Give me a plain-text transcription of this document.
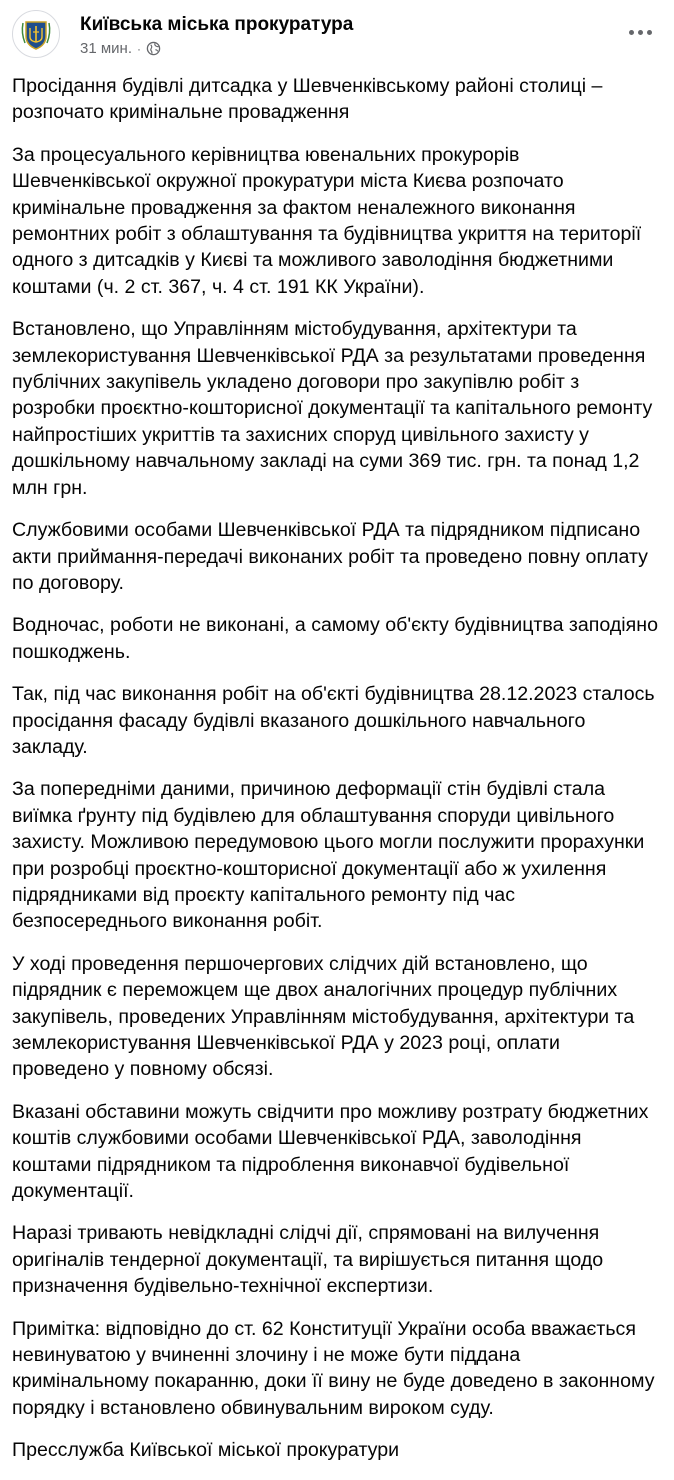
Київська міська прокуратура
31 мин. ·

Просідання будівлі дитсадка у Шевченківському районі столиці – розпочато кримінальне провадження

За процесуального керівництва ювенальних прокурорів Шевченківської окружної прокуратури міста Києва розпочато кримінальне провадження за фактом неналежного виконання ремонтних робіт з облаштування та будівництва укриття на території одного з дитсадків у Києві та можливого заволодіння бюджетними коштами (ч. 2 ст. 367, ч. 4 ст. 191 КК України).

Встановлено, що Управлінням містобудування, архітектури та землекористування Шевченківської РДА за результатами проведення публічних закупівель укладено договори про закупівлю робіт з розробки проєктно-кошторисної документації та капітального ремонту найпростіших укриттів та захисних споруд цивільного захисту у дошкільному навчальному закладі на суми 369 тис. грн. та понад 1,2 млн грн.

Службовими особами Шевченківської РДА та підрядником підписано акти приймання-передачі виконаних робіт та проведено повну оплату по договору.

Водночас, роботи не виконані, а самому об'єкту будівництва заподіяно пошкоджень.

Так, під час виконання робіт на об'єкті будівництва 28.12.2023 сталось просідання фасаду будівлі вказаного дошкільного навчального закладу.

За попередніми даними, причиною деформації стін будівлі стала виїмка ґрунту під будівлею для облаштування споруди цивільного захисту. Можливою передумовою цього могли послужити прорахунки при розробці проєктно-кошторисної документації або ж ухилення підрядниками від проєкту капітального ремонту під час безпосереднього виконання робіт.

У ході проведення першочергових слідчих дій встановлено, що підрядник є переможцем ще двох аналогічних процедур публічних закупівель, проведених Управлінням містобудування, архітектури та землекористування Шевченківської РДА у 2023 році, оплати проведено у повному обсязі.

Вказані обставини можуть свідчити про можливу розтрату бюджетних коштів службовими особами Шевченківської РДА, заволодіння коштами підрядником та підроблення виконавчої будівельної документації.

Наразі тривають невідкладні слідчі дії, спрямовані на вилучення оригіналів тендерної документації, та вирішується питання щодо призначення будівельно-технічної експертизи.

Примітка: відповідно до ст. 62 Конституції України особа вважається невинуватою у вчиненні злочину і не може бути піддана кримінальному покаранню, доки її вину не буде доведено в законному порядку і встановлено обвинувальним вироком суду.

Пресслужба Київської міської прокуратури
